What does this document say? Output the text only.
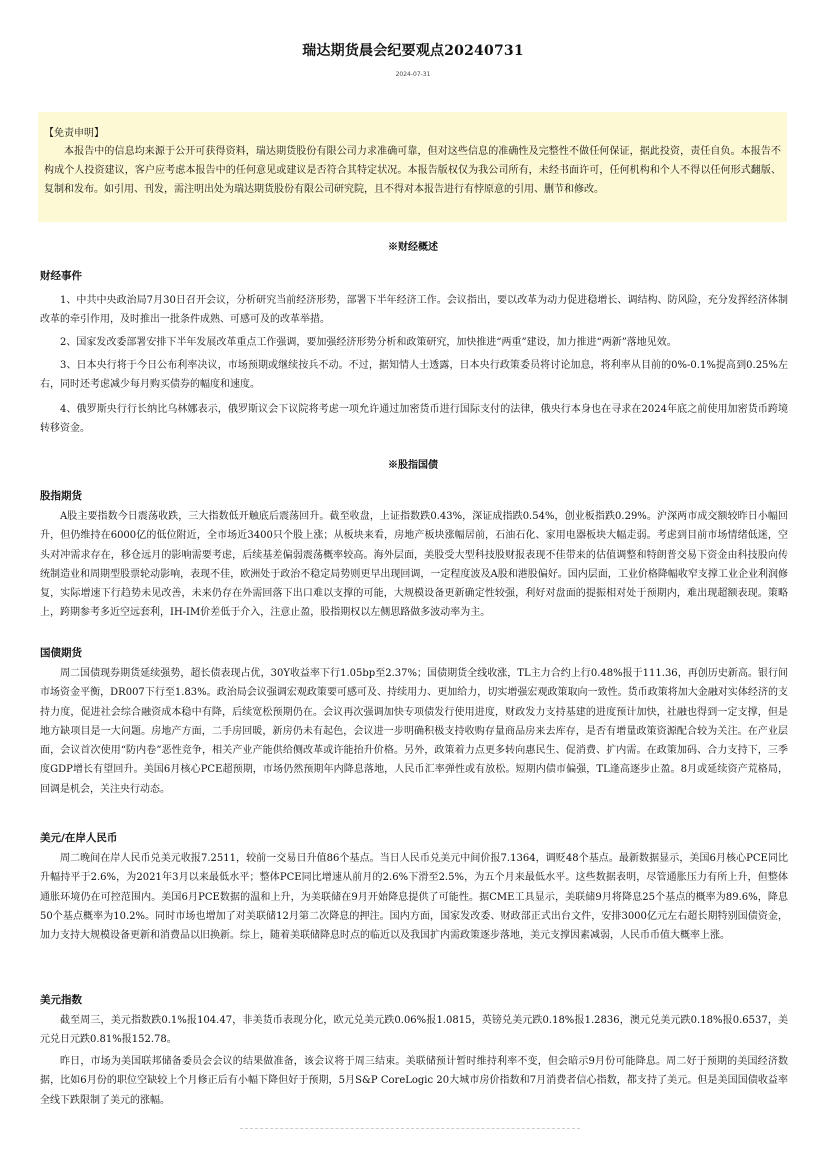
瑞达期货晨会纪要观点20240731
2024-07-31
【免责申明】
本报告中的信息均来源于公开可获得资料，瑞达期货股份有限公司力求准确可靠，但对这些信息的准确性及完整性不做任何保证，据此投资，责任自负。本报告不构成个人投资建议，客户应考虑本报告中的任何意见或建议是否符合其特定状况。本报告版权仅为我公司所有，未经书面许可，任何机构和个人不得以任何形式翻版、复制和发布。如引用、刊发，需注明出处为瑞达期货股份有限公司研究院，且不得对本报告进行有悖原意的引用、删节和修改。
※财经概述
财经事件

1、中共中央政治局7月30日召开会议，分析研究当前经济形势，部署下半年经济工作。会议指出，要以改革为动力促进稳增长、调结构、防风险，充分发挥经济体制改革的牵引作用，及时推出一批条件成熟、可感可及的改革举措。

2、国家发改委部署安排下半年发展改革重点工作强调，要加强经济形势分析和政策研究，加快推进“两重”建设，加力推进“两新”落地见效。

3、日本央行将于今日公布利率决议，市场预期或继续按兵不动。不过，据知情人士透露，日本央行政策委员将讨论加息，将利率从目前的0%-0.1%提高到0.25%左右，同时还考虑减少每月购买债券的幅度和速度。

4、俄罗斯央行行长纳比乌林娜表示，俄罗斯议会下议院将考虑一项允许通过加密货币进行国际支付的法律，俄央行本身也在寻求在2024年底之前使用加密货币跨境转移资金。

※股指国债
股指期货

A股主要指数今日震荡收跌，三大指数低开触底后震荡回升。截至收盘，上证指数跌0.43%，深证成指跌0.54%，创业板指跌0.29%。沪深两市成交额较昨日小幅回升，但仍维持在6000亿的低位附近，全市场近3400只个股上涨；从板块来看，房地产板块涨幅居前，石油石化、家用电器板块大幅走弱。考虑到目前市场情绪低迷，空头对冲需求存在，移仓远月的影响需要考虑，后续基差偏弱震荡概率较高。海外层面，美股受大型科技股财报表现不佳带来的估值调整和特朗普交易下资金由科技股向传统制造业和周期型股票轮动影响，表现不佳，欧洲处于政治不稳定局势则更早出现回调，一定程度波及A股和港股偏好。国内层面，工业价格降幅收窄支撑工业企业利润修复，实际增速下行趋势未见改善，未来仍存在外需回落下出口难以支撑的可能，大规模设备更新确定性较强，利好对盘面的提振相对处于预期内，难出现超额表现。策略上，跨期参考多近空远套利，IH-IM价差低于介入，注意止盈，股指期权以左侧思路做多波动率为主。

国债期货

周二国债现券期货延续强势，超长债表现占优，30Y收益率下行1.05bp至2.37%；国债期货全线收涨，TL主力合约上行0.48%报于111.36，再创历史新高。银行间市场资金平衡，DR007下行至1.83%。政治局会议强调宏观政策要可感可及、持续用力、更加给力，切实增强宏观政策取向一致性。货币政策将加大金融对实体经济的支持力度，促进社会综合融资成本稳中有降，后续宽松预期仍在。会议再次强调加快专项债发行使用进度，财政发力支持基建的进度预计加快，社融也得到一定支撑，但是地方缺项目是一大问题。房地产方面，二手房回暖，新房仍未有起色，会议进一步明确积极支持收购存量商品房来去库存，是否有增量政策资源配合较为关注。在产业层面，会议首次使用“防内卷”恶性竞争，相关产业产能供给侧改革或许能抬升价格。另外，政策着力点更多转向惠民生、促消费、扩内需。在政策加码、合力支持下，三季度GDP增长有望回升。美国6月核心PCE超预期，市场仍然预期年内降息落地，人民币汇率弹性或有放松。短期内债市偏强，TL逢高逐步止盈。8月或延续资产荒格局，回调是机会，关注央行动态。

美元/在岸人民币

周二晚间在岸人民币兑美元收报7.2511，较前一交易日升值86个基点。当日人民币兑美元中间价报7.1364，调贬48个基点。最新数据显示，美国6月核心PCE同比升幅持平于2.6%，为2021年3月以来最低水平；整体PCE同比增速从前月的2.6%下滑至2.5%，为五个月来最低水平。这些数据表明，尽管通胀压力有所上升，但整体通胀环境仍在可控范围内。美国6月PCE数据的温和上升，为美联储在9月开始降息提供了可能性。据CME工具显示，美联储9月将降息25个基点的概率为89.6%，降息50个基点概率为10.2%。同时市场也增加了对美联储12月第二次降息的押注。国内方面，国家发改委、财政部正式出台文件，安排3000亿元左右超长期特别国债资金，加力支持大规模设备更新和消费品以旧换新。综上，随着美联储降息时点的临近以及我国扩内需政策逐步落地，美元支撑因素减弱，人民币币值大概率上涨。

美元指数

截至周三，美元指数跌0.1%报104.47，非美货币表现分化，欧元兑美元跌0.06%报1.0815，英镑兑美元跌0.18%报1.2836，澳元兑美元跌0.18%报0.6537，美元兑日元跌0.81%报152.78。

昨日，市场为美国联邦储备委员会会议的结果做准备，该会议将于周三结束。美联储预计暂时维持利率不变，但会暗示9月份可能降息。周二好于预期的美国经济数据，比如6月份的职位空缺较上个月修正后有小幅下降但好于预期，5月S&P CoreLogic 20大城市房价指数和7月消费者信心指数，都支持了美元。但是美国国债收益率全线下跌限制了美元的涨幅。
